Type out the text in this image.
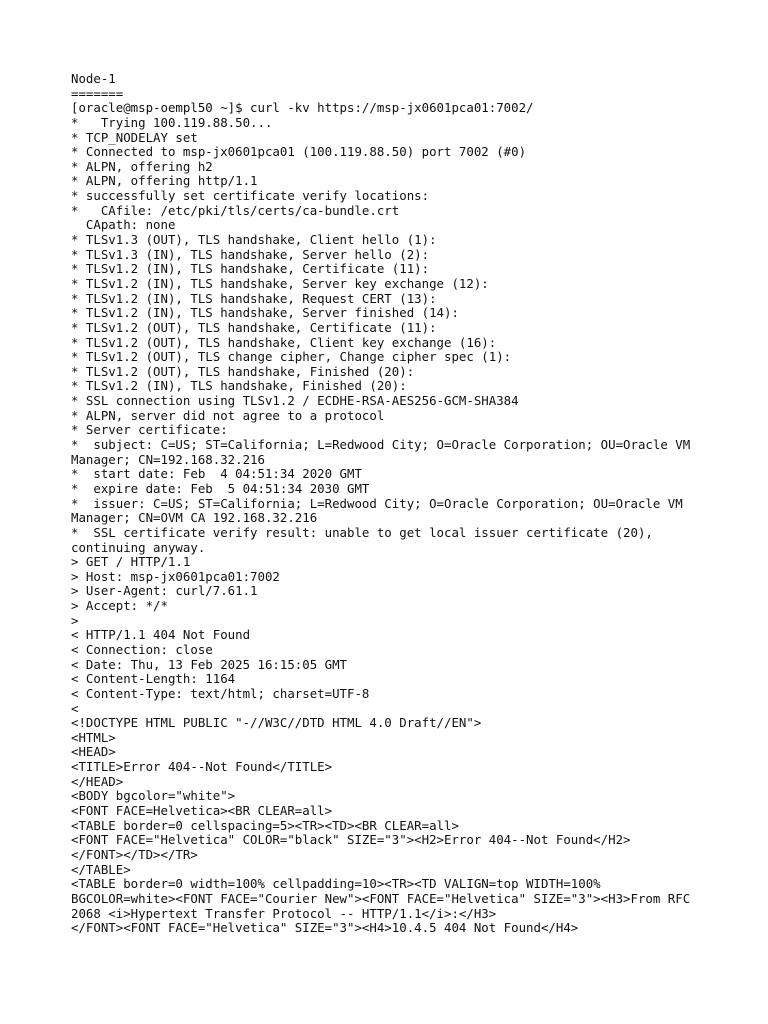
Node-1
=======
[oracle@msp-oempl50 ~]$ curl -kv https://msp-jx0601pca01:7002/
*   Trying 100.119.88.50...
* TCP_NODELAY set
* Connected to msp-jx0601pca01 (100.119.88.50) port 7002 (#0)
* ALPN, offering h2
* ALPN, offering http/1.1
* successfully set certificate verify locations:
*   CAfile: /etc/pki/tls/certs/ca-bundle.crt
CApath: none
* TLSv1.3 (OUT), TLS handshake, Client hello (1):
* TLSv1.3 (IN), TLS handshake, Server hello (2):
* TLSv1.2 (IN), TLS handshake, Certificate (11):
* TLSv1.2 (IN), TLS handshake, Server key exchange (12):
* TLSv1.2 (IN), TLS handshake, Request CERT (13):
* TLSv1.2 (IN), TLS handshake, Server finished (14):
* TLSv1.2 (OUT), TLS handshake, Certificate (11):
* TLSv1.2 (OUT), TLS handshake, Client key exchange (16):
* TLSv1.2 (OUT), TLS change cipher, Change cipher spec (1):
* TLSv1.2 (OUT), TLS handshake, Finished (20):
* TLSv1.2 (IN), TLS handshake, Finished (20):
* SSL connection using TLSv1.2 / ECDHE-RSA-AES256-GCM-SHA384
* ALPN, server did not agree to a protocol
* Server certificate:
*  subject: C=US; ST=California; L=Redwood City; O=Oracle Corporation; OU=Oracle VM
Manager; CN=192.168.32.216
*  start date: Feb  4 04:51:34 2020 GMT
*  expire date: Feb  5 04:51:34 2030 GMT
*  issuer: C=US; ST=California; L=Redwood City; O=Oracle Corporation; OU=Oracle VM
Manager; CN=OVM CA 192.168.32.216
*  SSL certificate verify result: unable to get local issuer certificate (20),
continuing anyway.
> GET / HTTP/1.1
> Host: msp-jx0601pca01:7002
> User-Agent: curl/7.61.1
> Accept: */*
>
< HTTP/1.1 404 Not Found
< Connection: close
< Date: Thu, 13 Feb 2025 16:15:05 GMT
< Content-Length: 1164
< Content-Type: text/html; charset=UTF-8
<
<!DOCTYPE HTML PUBLIC "-//W3C//DTD HTML 4.0 Draft//EN">
<HTML>
<HEAD>
<TITLE>Error 404--Not Found</TITLE>
</HEAD>
<BODY bgcolor="white">
<FONT FACE=Helvetica><BR CLEAR=all>
<TABLE border=0 cellspacing=5><TR><TD><BR CLEAR=all>
<FONT FACE="Helvetica" COLOR="black" SIZE="3"><H2>Error 404--Not Found</H2>
</FONT></TD></TR>
</TABLE>
<TABLE border=0 width=100% cellpadding=10><TR><TD VALIGN=top WIDTH=100%
BGCOLOR=white><FONT FACE="Courier New"><FONT FACE="Helvetica" SIZE="3"><H3>From RFC
2068 <i>Hypertext Transfer Protocol -- HTTP/1.1</i>:</H3>
</FONT><FONT FACE="Helvetica" SIZE="3"><H4>10.4.5 404 Not Found</H4>
